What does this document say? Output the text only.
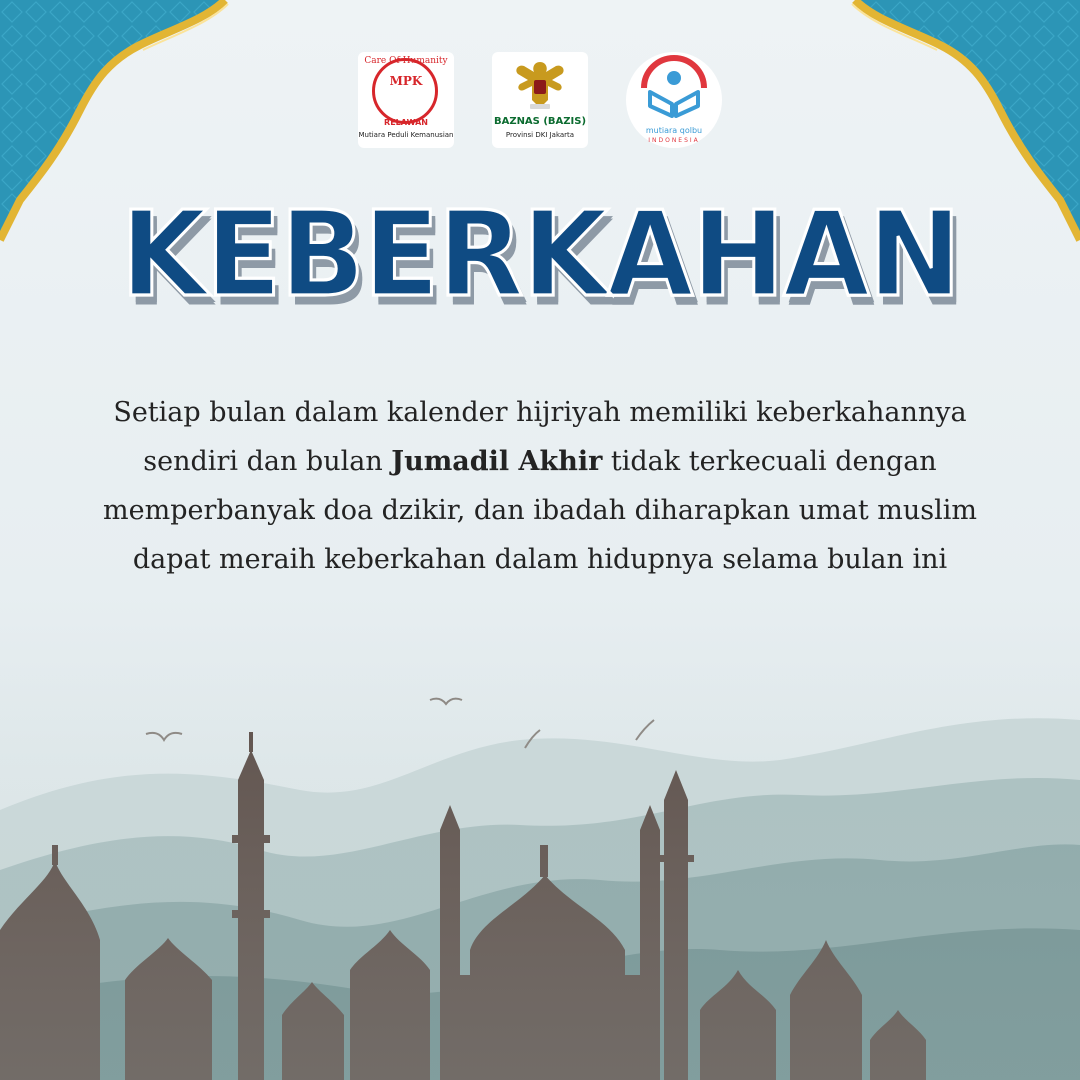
Care Of Humanity
MPK
RELAWAN
Mutiara Peduli Kemanusian
BAZNAS (BAZIS)
Provinsi DKI Jakarta	mutiara qolbu
INDONESIA
KEBERKAHAN
Setiap bulan dalam kalender hijriyah memiliki keberkahannya
sendiri dan bulan Jumadil Akhir tidak terkecuali dengan
memperbanyak doa dzikir, dan ibadah diharapkan umat muslim
dapat meraih keberkahan dalam hidupnya selama bulan ini
